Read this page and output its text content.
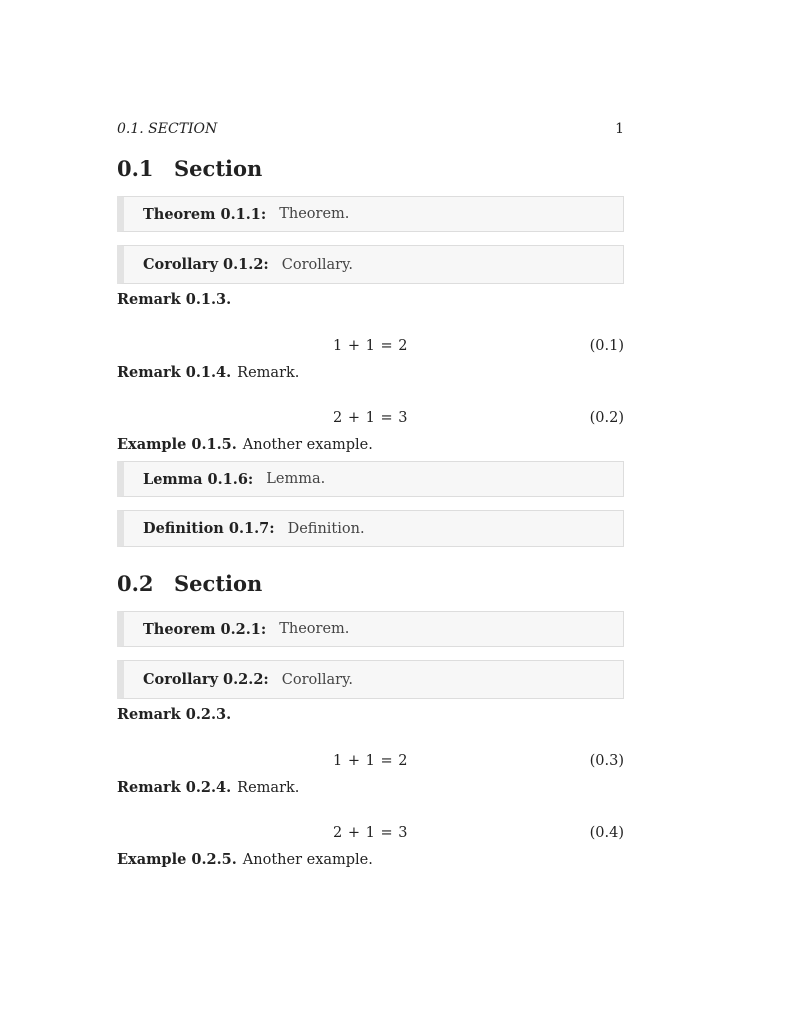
0.1. SECTION	1
0.1 Section
Theorem 0.1.1: Theorem.
Corollary 0.1.2: Corollary.
Remark 0.1.3.
1 + 1 = 2	(0.1)
Remark 0.1.4. Remark.
2 + 1 = 3	(0.2)
Example 0.1.5. Another example.
Lemma 0.1.6: Lemma.
Definition 0.1.7: Definition.
0.2 Section
Theorem 0.2.1: Theorem.
Corollary 0.2.2: Corollary.
Remark 0.2.3.
1 + 1 = 2	(0.3)
Remark 0.2.4. Remark.
2 + 1 = 3	(0.4)
Example 0.2.5. Another example.
